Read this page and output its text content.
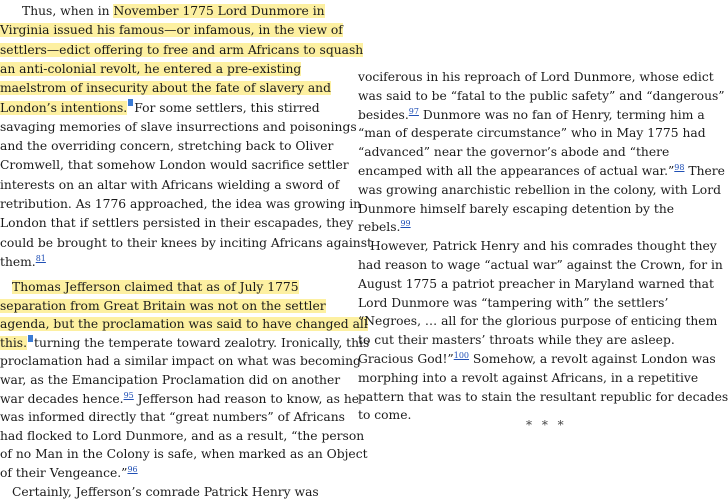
Thus, when in November 1775 Lord Dunmore in
Virginia issued his famous—or infamous, in the view of
settlers—edict offering to free and arm Africans to squash
an anti-colonial revolt, he entered a pre-existing
maelstrom of insecurity about the fate of slavery and
London’s intentions. For some settlers, this stirred
savaging memories of slave insurrections and poisonings
and the overriding concern, stretching back to Oliver
Cromwell, that somehow London would sacrifice settler
interests on an altar with Africans wielding a sword of
retribution. As 1776 approached, the idea was growing in
London that if settlers persisted in their escapades, they
could be brought to their knees by inciting Africans against
them.$^{81}$
Thomas Jefferson claimed that as of July 1775
separation from Great Britain was not on the settler
agenda, but the proclamation was said to have changed all
this. turning the temperate toward zealotry. Ironically, this
proclamation had a similar impact on what was becoming
war, as the Emancipation Proclamation did on another
war decades hence.$^{95}$ Jefferson had reason to know, as he
was informed directly that “great numbers” of Africans
had flocked to Lord Dunmore, and as a result, “the person
of no Man in the Colony is safe, when marked as an Object
of their Vengeance.”$^{96}$
Certainly, Jefferson’s comrade Patrick Henry was
vociferous in his reproach of Lord Dunmore, whose edict
was said to be “fatal to the public safety” and “dangerous”
besides.$^{97}$ Dunmore was no fan of Henry, terming him a
“man of desperate circumstance” who in May 1775 had
“advanced” near the governor’s abode and “there
encamped with all the appearances of actual war.”$^{98}$ There
was growing anarchistic rebellion in the colony, with Lord
Dunmore himself barely escaping detention by the
rebels.$^{99}$
However, Patrick Henry and his comrades thought they
had reason to wage “actual war” against the Crown, for in
August 1775 a patriot preacher in Maryland warned that
Lord Dunmore was “tampering with” the settlers’
“Negroes, … all for the glorious purpose of enticing them
to cut their masters’ throats while they are asleep.
Gracious God!”$^{100}$ Somehow, a revolt against London was
morphing into a revolt against Africans, in a repetitive
pattern that was to stain the resultant republic for decades
to come.
* * *
